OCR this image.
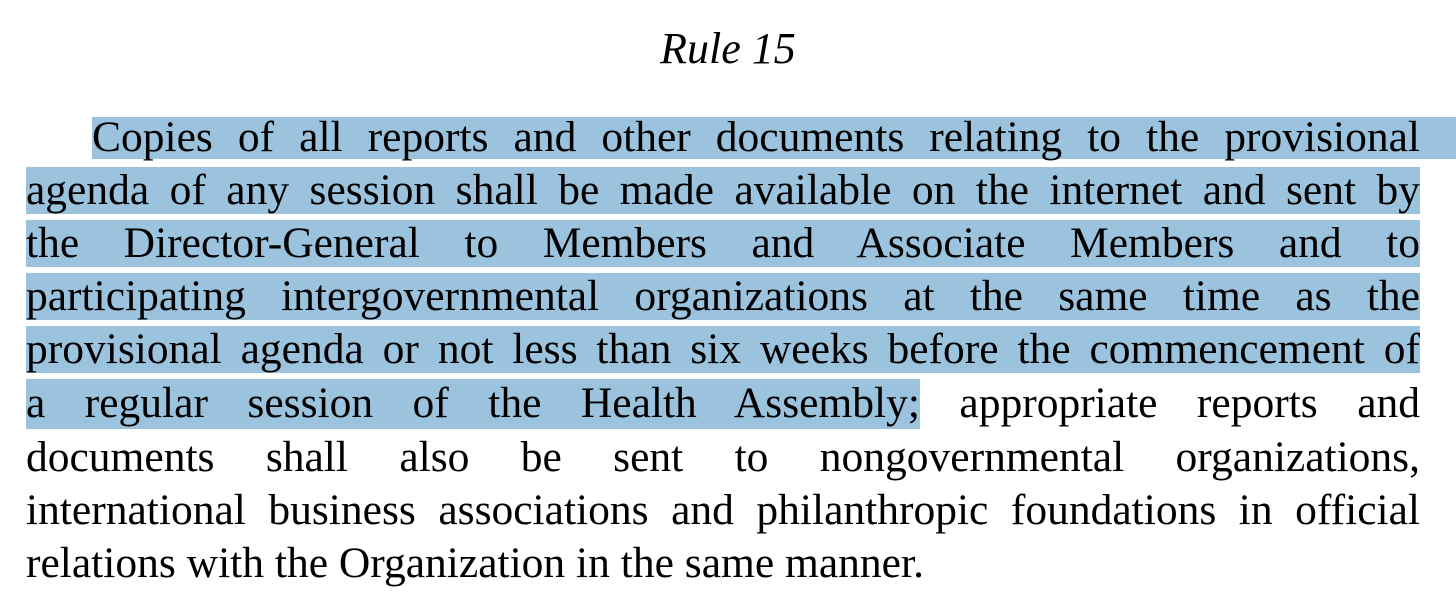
Rule 15
Copies of all reports and other documents relating to the provisional
agenda of any session shall be made available on the internet and sent by
the Director-General to Members and Associate Members and to
participating intergovernmental organizations at the same time as the
provisional agenda or not less than six weeks before the commencement of
a regular session of the Health Assembly; appropriate reports and
documents shall also be sent to nongovernmental organizations,
international business associations and philanthropic foundations in official
relations with the Organization in the same manner.
